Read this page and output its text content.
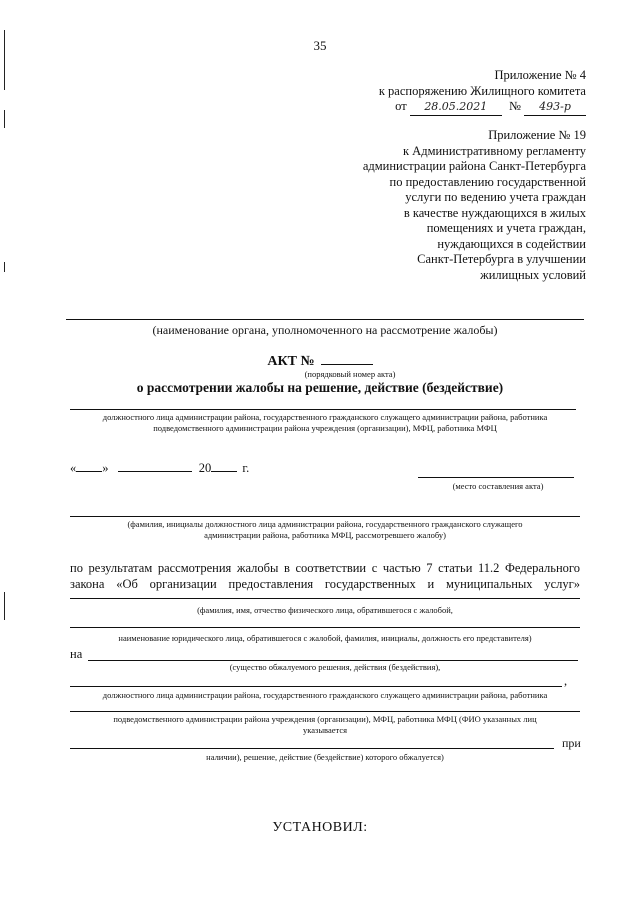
35
Приложение № 4
к распоряжению Жилищного комитета
от 28.05.2021 № 493-р
Приложение № 19
к Административному регламенту
администрации района Санкт-Петербурга
по предоставлению государственной
услуги по ведению учета граждан
в качестве нуждающихся в жилых
помещениях и учета граждан,
нуждающихся в содействии
Санкт-Петербурга в улучшении
жилищных условий
(наименование органа, уполномоченного на рассмотрение жалобы)
АКТ №
(порядковый номер акта)
о рассмотрении жалобы на решение, действие (бездействие)
должностного лица администрации района, государственного гражданского служащего администрации района, работника
подведомственного администрации района учреждения (организации), МФЦ, работника МФЦ
« »	20 г.
(место составления акта)
(фамилия, инициалы должностного лица администрации района, государственного гражданского служащего
администрации района, работника МФЦ, рассмотревшего жалобу)
по результатам рассмотрения жалобы в соответствии с частью 7 статьи 11.2 Федерального
закона «Об организации предоставления государственных и муниципальных услуг»
(фамилия, имя, отчество физического лица, обратившегося с жалобой,
наименование юридического лица, обратившегося с жалобой, фамилия, инициалы, должность его представителя)
на
(существо обжалуемого решения, действия (бездействия),
,
должностного лица администрации района, государственного гражданского служащего администрации района, работника
подведомственного администрации района учреждения (организации), МФЦ, работника МФЦ (ФИО указанных лиц
указывается
при
наличии), решение, действие (бездействие) которого обжалуется)
УСТАНОВИЛ:
